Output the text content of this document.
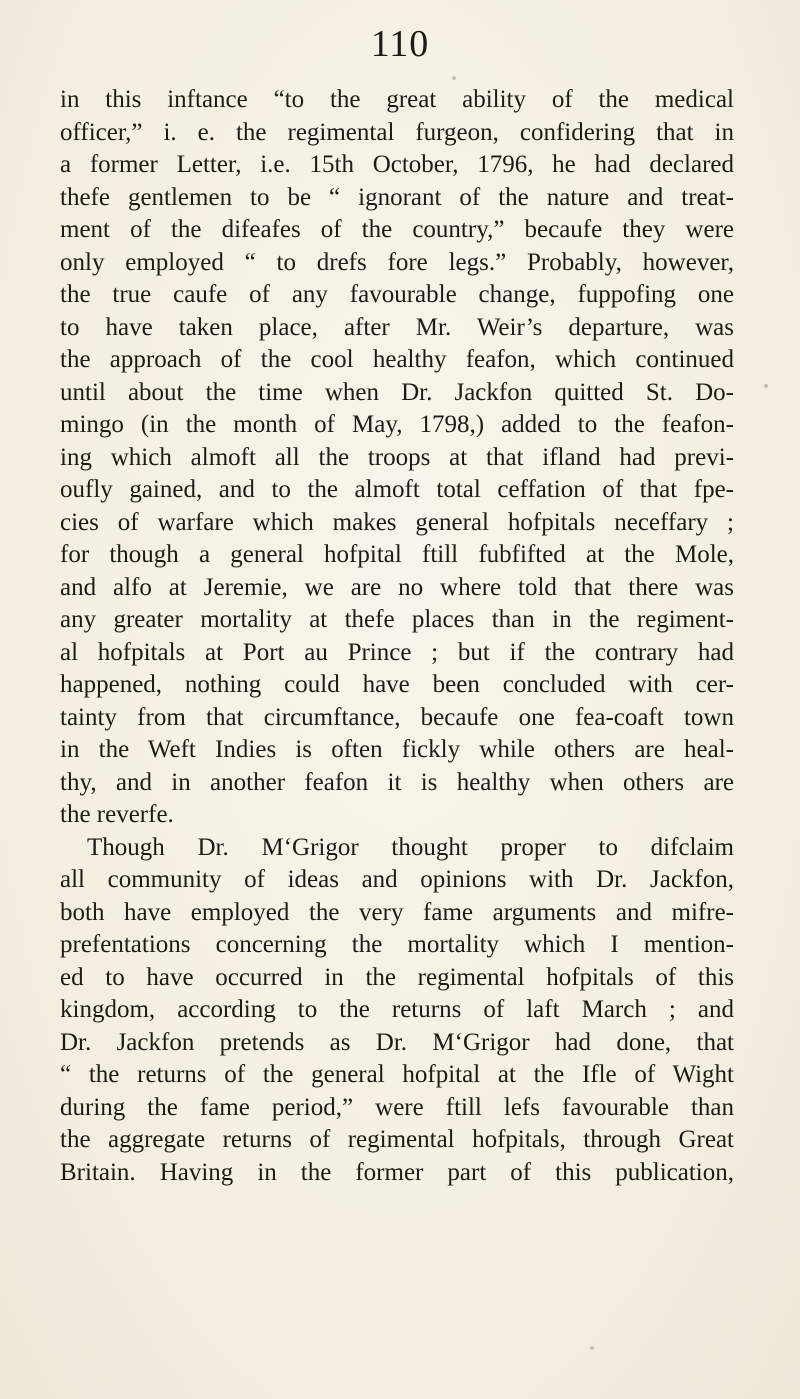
110
in this inftance “to the great ability of the medical
officer,” i. e. the regimental furgeon, confidering that in
a former Letter, i.e. 15th October, 1796, he had declared
thefe gentlemen to be “ ignorant of the nature and treat-
ment of the difeafes of the country,” becaufe they were
only employed “ to drefs fore legs.” Probably, however,
the true caufe of any favourable change, fuppofing one
to have taken place, after Mr. Weir’s departure, was
the approach of the cool healthy feafon, which continued
until about the time when Dr. Jackfon quitted St. Do-
mingo (in the month of May, 1798,) added to the feafon-
ing which almoft all the troops at that ifland had previ-
oufly gained, and to the almoft total ceffation of that fpe-
cies of warfare which makes general hofpitals neceffary ;
for though a general hofpital ftill fubfifted at the Mole,
and alfo at Jeremie, we are no where told that there was
any greater mortality at thefe places than in the regiment-
al hofpitals at Port au Prince ; but if the contrary had
happened, nothing could have been concluded with cer-
tainty from that circumftance, becaufe one fea-coaft town
in the Weft Indies is often fickly while others are heal-
thy, and in another feafon it is healthy when others are
the reverfe.
Though Dr. M‘Grigor thought proper to difclaim
all community of ideas and opinions with Dr. Jackfon,
both have employed the very fame arguments and mifre-
prefentations concerning the mortality which I mention-
ed to have occurred in the regimental hofpitals of this
kingdom, according to the returns of laft March ; and
Dr. Jackfon pretends as Dr. M‘Grigor had done, that
“ the returns of the general hofpital at the Ifle of Wight
during the fame period,” were ftill lefs favourable than
the aggregate returns of regimental hofpitals, through Great
Britain. Having in the former part of this publication,
